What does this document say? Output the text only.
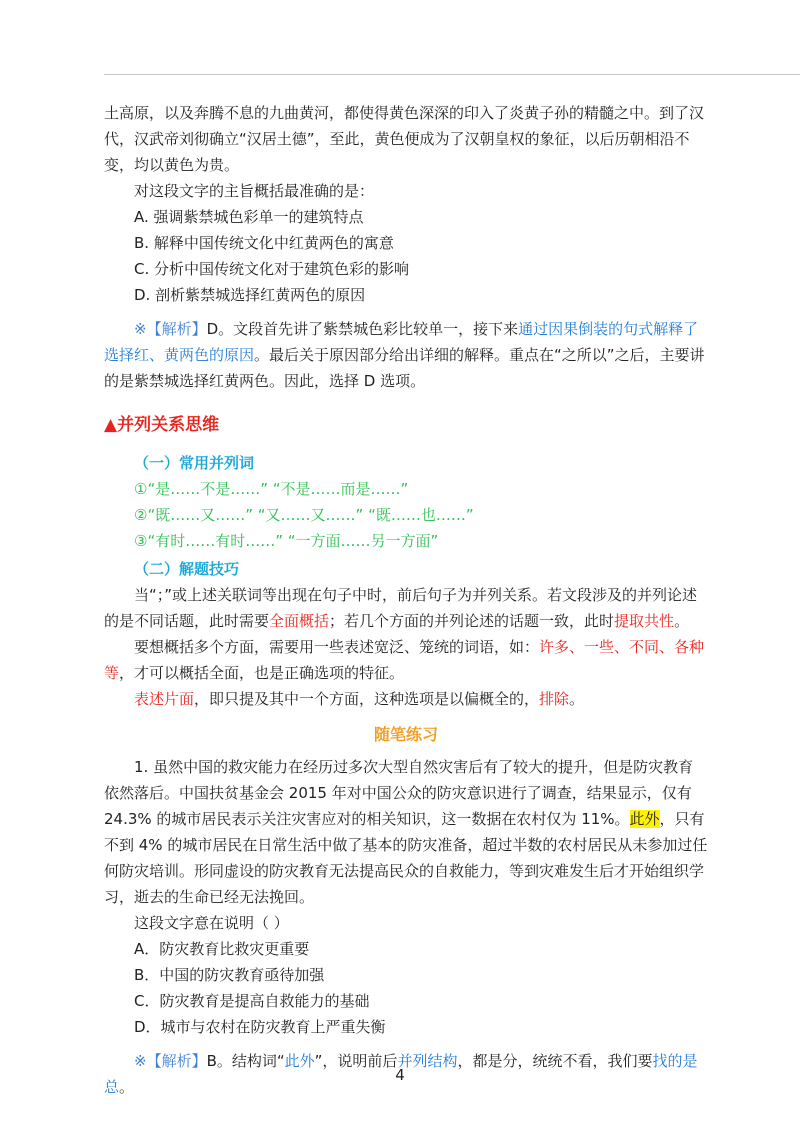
土高原，以及奔腾不息的九曲黄河，都使得黄色深深的印入了炎黄子孙的精髓之中。到了汉代，汉武帝刘彻确立“汉居土德”，至此，黄色便成为了汉朝皇权的象征，以后历朝相沿不变，均以黄色为贵。

对这段文字的主旨概括最准确的是：

A. 强调紫禁城色彩单一的建筑特点

B. 解释中国传统文化中红黄两色的寓意

C. 分析中国传统文化对于建筑色彩的影响

D. 剖析紫禁城选择红黄两色的原因

※【解析】D。文段首先讲了紫禁城色彩比较单一，接下来通过因果倒装的句式解释了选择红、黄两色的原因。最后关于原因部分给出详细的解释。重点在“之所以”之后，主要讲的是紫禁城选择红黄两色。因此，选择 D 选项。

▲并列关系思维

（一）常用并列词

①“是……不是……” “不是……而是……”

②“既……又……” “又……又……” “既……也……”

③“有时……有时……” “一方面……另一方面”

（二）解题技巧

当“；”或上述关联词等出现在句子中时，前后句子为并列关系。若文段涉及的并列论述的是不同话题，此时需要全面概括；若几个方面的并列论述的话题一致，此时提取共性。

要想概括多个方面，需要用一些表述宽泛、笼统的词语，如：许多、一些、不同、各种等，才可以概括全面，也是正确选项的特征。

表述片面，即只提及其中一个方面，这种选项是以偏概全的，排除。

随笔练习

1. 虽然中国的救灾能力在经历过多次大型自然灾害后有了较大的提升，但是防灾教育依然落后。中国扶贫基金会 2015 年对中国公众的防灾意识进行了调查，结果显示，仅有 24.3% 的城市居民表示关注灾害应对的相关知识，这一数据在农村仅为 11%。此外，只有不到 4% 的城市居民在日常生活中做了基本的防灾准备，超过半数的农村居民从未参加过任何防灾培训。形同虚设的防灾教育无法提高民众的自救能力，等到灾难发生后才开始组织学习，逝去的生命已经无法挽回。

这段文字意在说明（ ）

A．防灾教育比救灾更重要

B．中国的防灾教育亟待加强

C．防灾教育是提高自救能力的基础

D．城市与农村在防灾教育上严重失衡

※【解析】B。结构词“此外”，说明前后并列结构，都是分，统统不看，我们要找的是总。

4
